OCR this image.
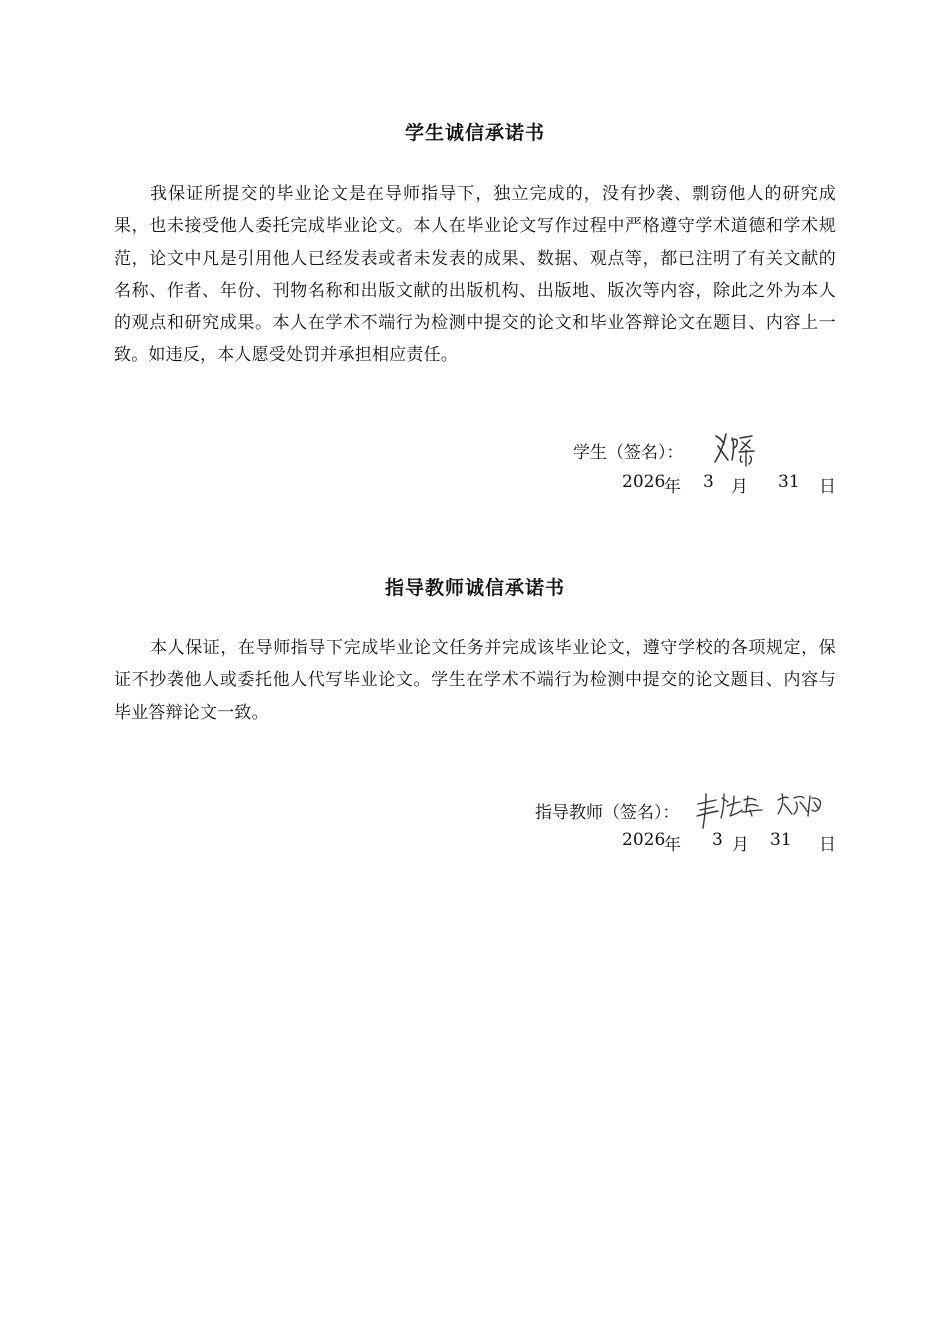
学生诚信承诺书

我保证所提交的毕业论文是在导师指导下，独立完成的，没有抄袭、剽窃他人的研究成果，也未接受他人委托完成毕业论文。本人在毕业论文写作过程中严格遵守学术道德和学术规范，论文中凡是引用他人已经发表或者未发表的成果、数据、观点等，都已注明了有关文献的名称、作者、年份、刊物名称和出版文献的出版机构、出版地、版次等内容，除此之外为本人的观点和研究成果。本人在学术不端行为检测中提交的论文和毕业答辩论文在题目、内容上一致。如违反，本人愿受处罚并承担相应责任。

学生（签名）：
2026
年 3 月 31 日
指导教师诚信承诺书

本人保证，在导师指导下完成毕业论文任务并完成该毕业论文，遵守学校的各项规定，保证不抄袭他人或委托他人代写毕业论文。学生在学术不端行为检测中提交的论文题目、内容与毕业答辩论文一致。

指导教师（签名）：
2026
年 3 月 31 日
